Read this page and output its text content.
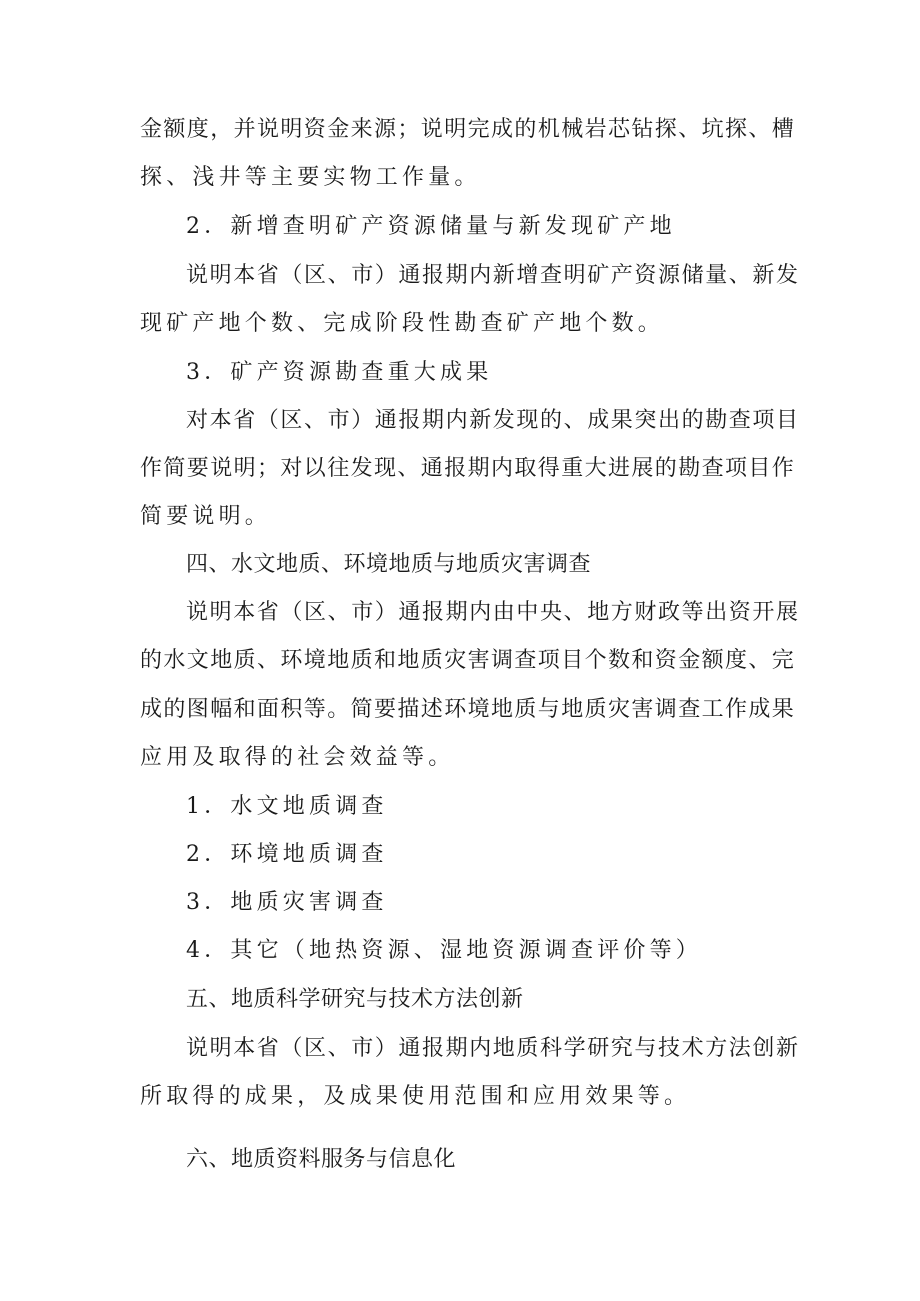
金额度，并说明资金来源；说明完成的机械岩芯钻探、坑探、槽

探、浅井等主要实物工作量。

2．新增查明矿产资源储量与新发现矿产地

说明本省（区、市）通报期内新增查明矿产资源储量、新发

现矿产地个数、完成阶段性勘查矿产地个数。

3．矿产资源勘查重大成果

对本省（区、市）通报期内新发现的、成果突出的勘查项目

作简要说明；对以往发现、通报期内取得重大进展的勘查项目作

简要说明。

四、水文地质、环境地质与地质灾害调查

说明本省（区、市）通报期内由中央、地方财政等出资开展

的水文地质、环境地质和地质灾害调查项目个数和资金额度、完

成的图幅和面积等。简要描述环境地质与地质灾害调查工作成果

应用及取得的社会效益等。

1．水文地质调查

2．环境地质调查

3．地质灾害调查

4．其它（地热资源、湿地资源调查评价等）

五、地质科学研究与技术方法创新

说明本省（区、市）通报期内地质科学研究与技术方法创新

所取得的成果，及成果使用范围和应用效果等。

六、地质资料服务与信息化
